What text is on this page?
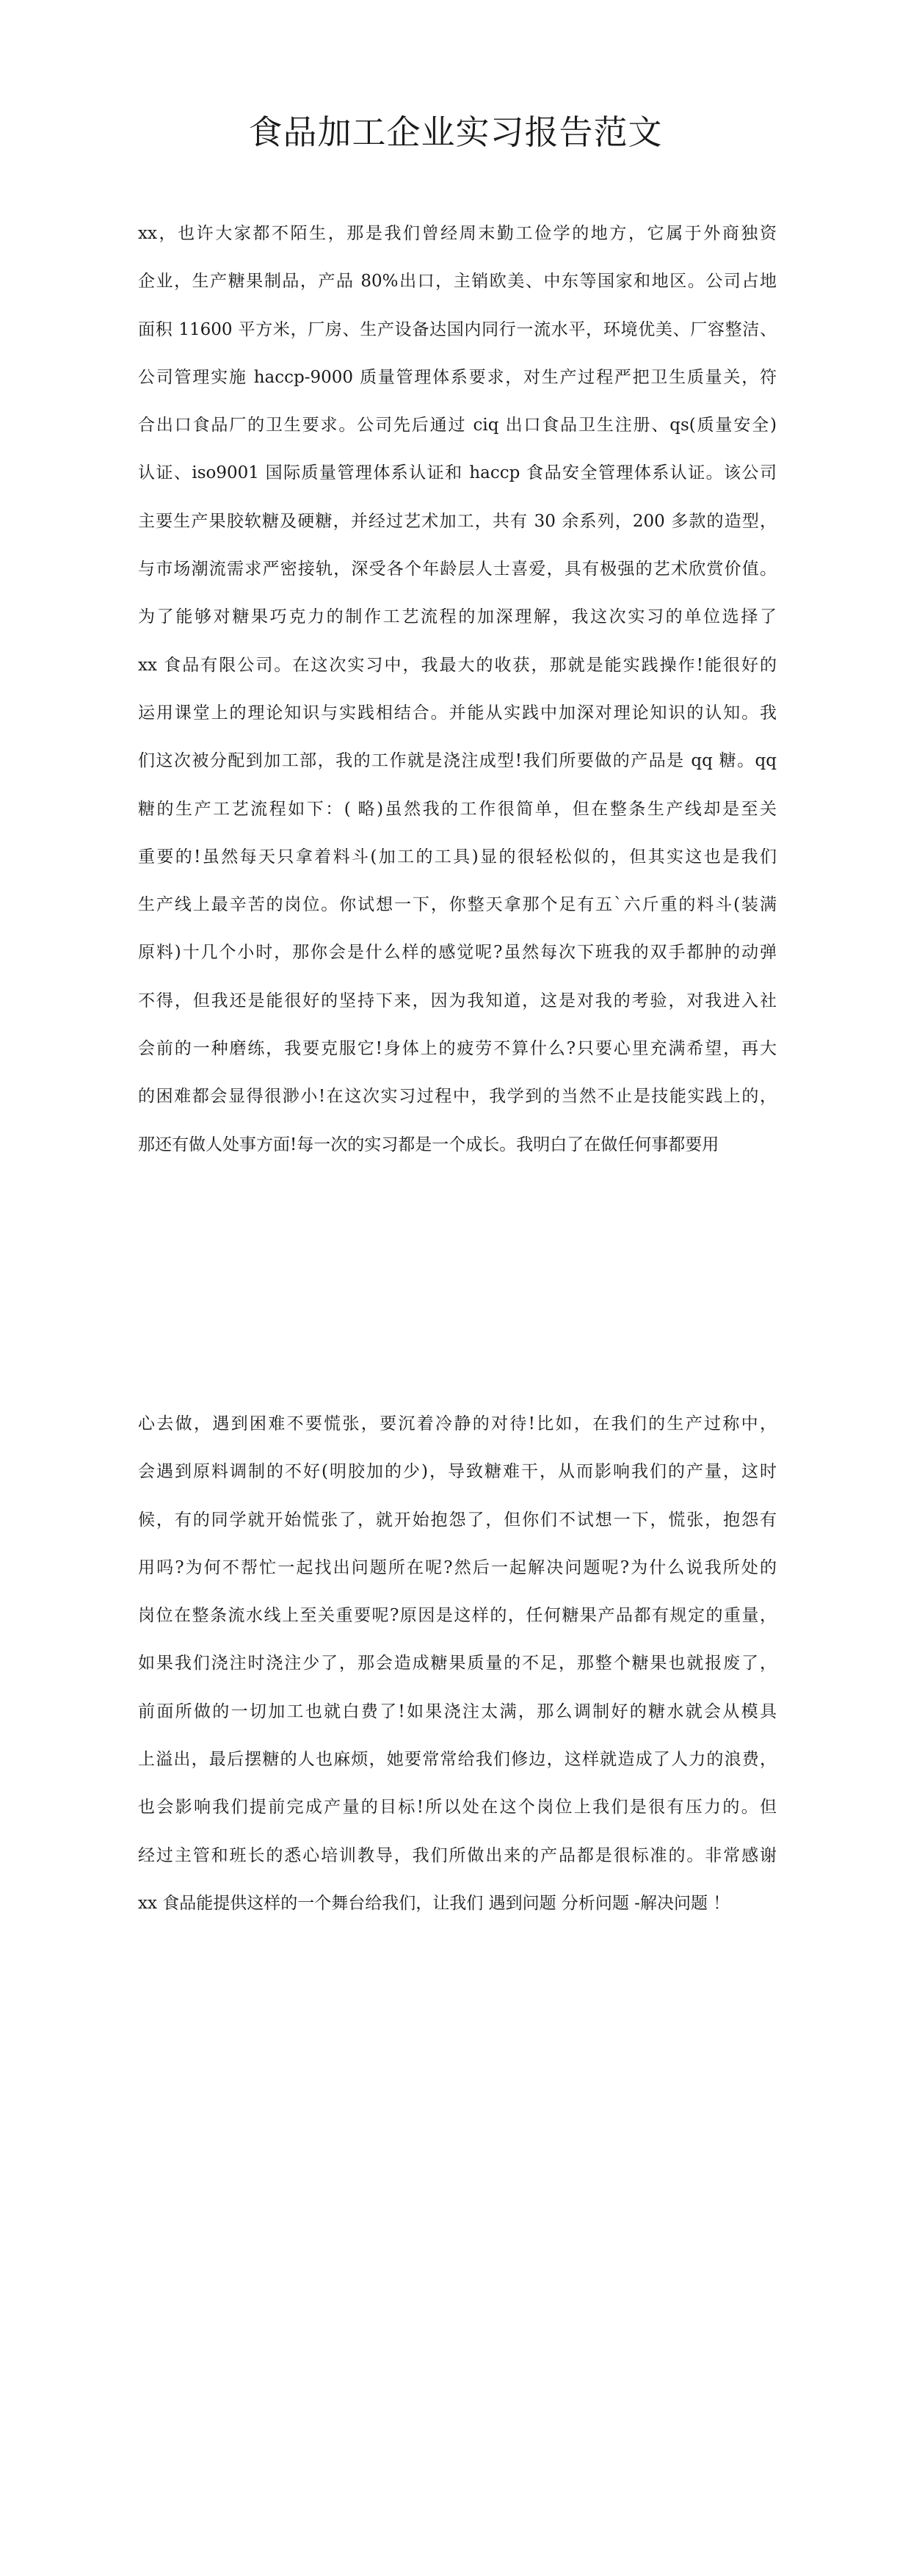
食品加工企业实习报告范文
xx，也许大家都不陌生，那是我们曾经周末勤工俭学的地方，它属于外商独资
企业，生产糖果制品，产品 80%出口，主销欧美、中东等国家和地区。公司占地
面积 11600 平方米，厂房、生产设备达国内同行一流水平，环境优美、厂容整洁、
公司管理实施 haccp-9000 质量管理体系要求，对生产过程严把卫生质量关，符
合出口食品厂的卫生要求。公司先后通过 ciq 出口食品卫生注册、qs(质量安全)
认证、iso9001 国际质量管理体系认证和 haccp 食品安全管理体系认证。该公司
主要生产果胶软糖及硬糖，并经过艺术加工，共有 30 余系列，200 多款的造型，
与市场潮流需求严密接轨，深受各个年龄层人士喜爱，具有极强的艺术欣赏价值。
为了能够对糖果巧克力的制作工艺流程的加深理解，我这次实习的单位选择了
xx 食品有限公司。在这次实习中，我最大的收获，那就是能实践操作!能很好的
运用课堂上的理论知识与实践相结合。并能从实践中加深对理论知识的认知。我
们这次被分配到加工部，我的工作就是浇注成型!我们所要做的产品是 qq 糖。qq
糖的生产工艺流程如下：( 略)虽然我的工作很简单，但在整条生产线却是至关
重要的!虽然每天只拿着料斗(加工的工具)显的很轻松似的，但其实这也是我们
生产线上最辛苦的岗位。你试想一下，你整天拿那个足有五`六斤重的料斗(装满
原料)十几个小时，那你会是什么样的感觉呢?虽然每次下班我的双手都肿的动弹
不得，但我还是能很好的坚持下来，因为我知道，这是对我的考验，对我进入社
会前的一种磨练，我要克服它!身体上的疲劳不算什么?只要心里充满希望，再大
的困难都会显得很渺小!在这次实习过程中，我学到的当然不止是技能实践上的，
那还有做人处事方面!每一次的实习都是一个成长。我明白了在做任何事都要用
心去做，遇到困难不要慌张，要沉着冷静的对待!比如，在我们的生产过称中，
会遇到原料调制的不好(明胶加的少)，导致糖难干，从而影响我们的产量，这时
候，有的同学就开始慌张了，就开始抱怨了，但你们不试想一下，慌张，抱怨有
用吗?为何不帮忙一起找出问题所在呢?然后一起解决问题呢?为什么说我所处的
岗位在整条流水线上至关重要呢?原因是这样的，任何糖果产品都有规定的重量，
如果我们浇注时浇注少了，那会造成糖果质量的不足，那整个糖果也就报废了，
前面所做的一切加工也就白费了!如果浇注太满，那么调制好的糖水就会从模具
上溢出，最后摆糖的人也麻烦，她要常常给我们修边，这样就造成了人力的浪费，
也会影响我们提前完成产量的目标!所以处在这个岗位上我们是很有压力的。但
经过主管和班长的悉心培训教导，我们所做出来的产品都是很标准的。非常感谢
xx 食品能提供这样的一个舞台给我们，让我们 遇到问题 分析问题 -解决问题 ！
